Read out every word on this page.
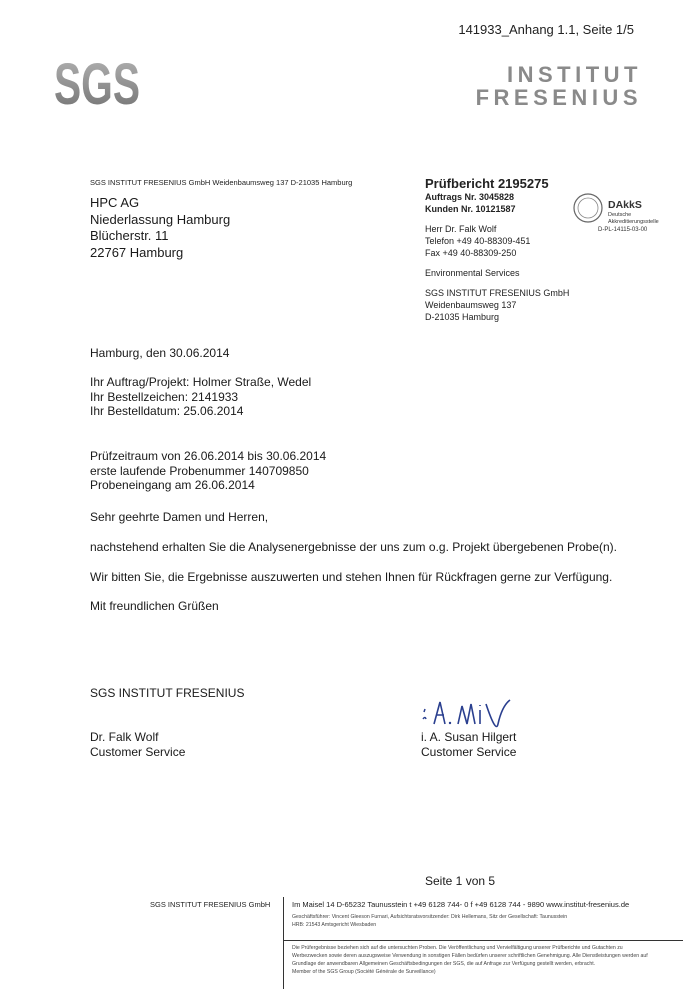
141933_Anhang 1.1, Seite 1/5
SGS	INSTITUT
FRESENIUS
SGS INSTITUT FRESENIUS GmbH Weidenbaumsweg 137 D-21035 Hamburg
HPC AG
Niederlassung Hamburg
Blücherstr. 11
22767 Hamburg
Prüfbericht 2195275
Auftrags Nr. 3045828
Kunden Nr. 10121587
Herr Dr. Falk Wolf
Telefon +49 40-88309-451
Fax +49 40-88309-250
Environmental Services
SGS INSTITUT FRESENIUS GmbH
Weidenbaumsweg 137
D-21035 Hamburg
DAkkS
Deutsche
Akkreditierungsstelle
D-PL-14115-03-00
Hamburg, den 30.06.2014
Ihr Auftrag/Projekt: Holmer Straße, Wedel
Ihr Bestellzeichen: 2141933
Ihr Bestelldatum: 25.06.2014
Prüfzeitraum von 26.06.2014 bis 30.06.2014
erste laufende Probenummer 140709850
Probeneingang am 26.06.2014
Sehr geehrte Damen und Herren,
nachstehend erhalten Sie die Analysenergebnisse der uns zum o.g. Projekt übergebenen Probe(n).
Wir bitten Sie, die Ergebnisse auszuwerten und stehen Ihnen für Rückfragen gerne zur Verfügung.
Mit freundlichen Grüßen
SGS INSTITUT FRESENIUS
Dr. Falk Wolf
Customer Service
i. A. Susan Hilgert
Customer Service
Seite 1 von 5
SGS INSTITUT FRESENIUS GmbH	Im Maisel 14 D-65232 Taunusstein t +49 6128 744- 0 f +49 6128 744 - 9890 www.institut-fresenius.de
Geschäftsführer: Vincent Gleeson Furnari, Aufsichtsratsvorsitzender: Dirk Hellemans, Sitz der Gesellschaft: Taunusstein
HRB: 21543 Amtsgericht Wiesbaden
Die Prüfergebnisse beziehen sich auf die untersuchten Proben. Die Veröffentlichung und Vervielfältigung unserer Prüfberichte und Gutachten zu
Werbezwecken sowie deren auszugsweise Verwendung in sonstigen Fällen bedürfen unserer schriftlichen Genehmigung. Alle Dienstleistungen werden auf
Grundlage der anwendbaren Allgemeinen Geschäftsbedingungen der SGS, die auf Anfrage zur Verfügung gestellt werden, erbracht.
Member of the SGS Group (Société Générale de Surveillance)
